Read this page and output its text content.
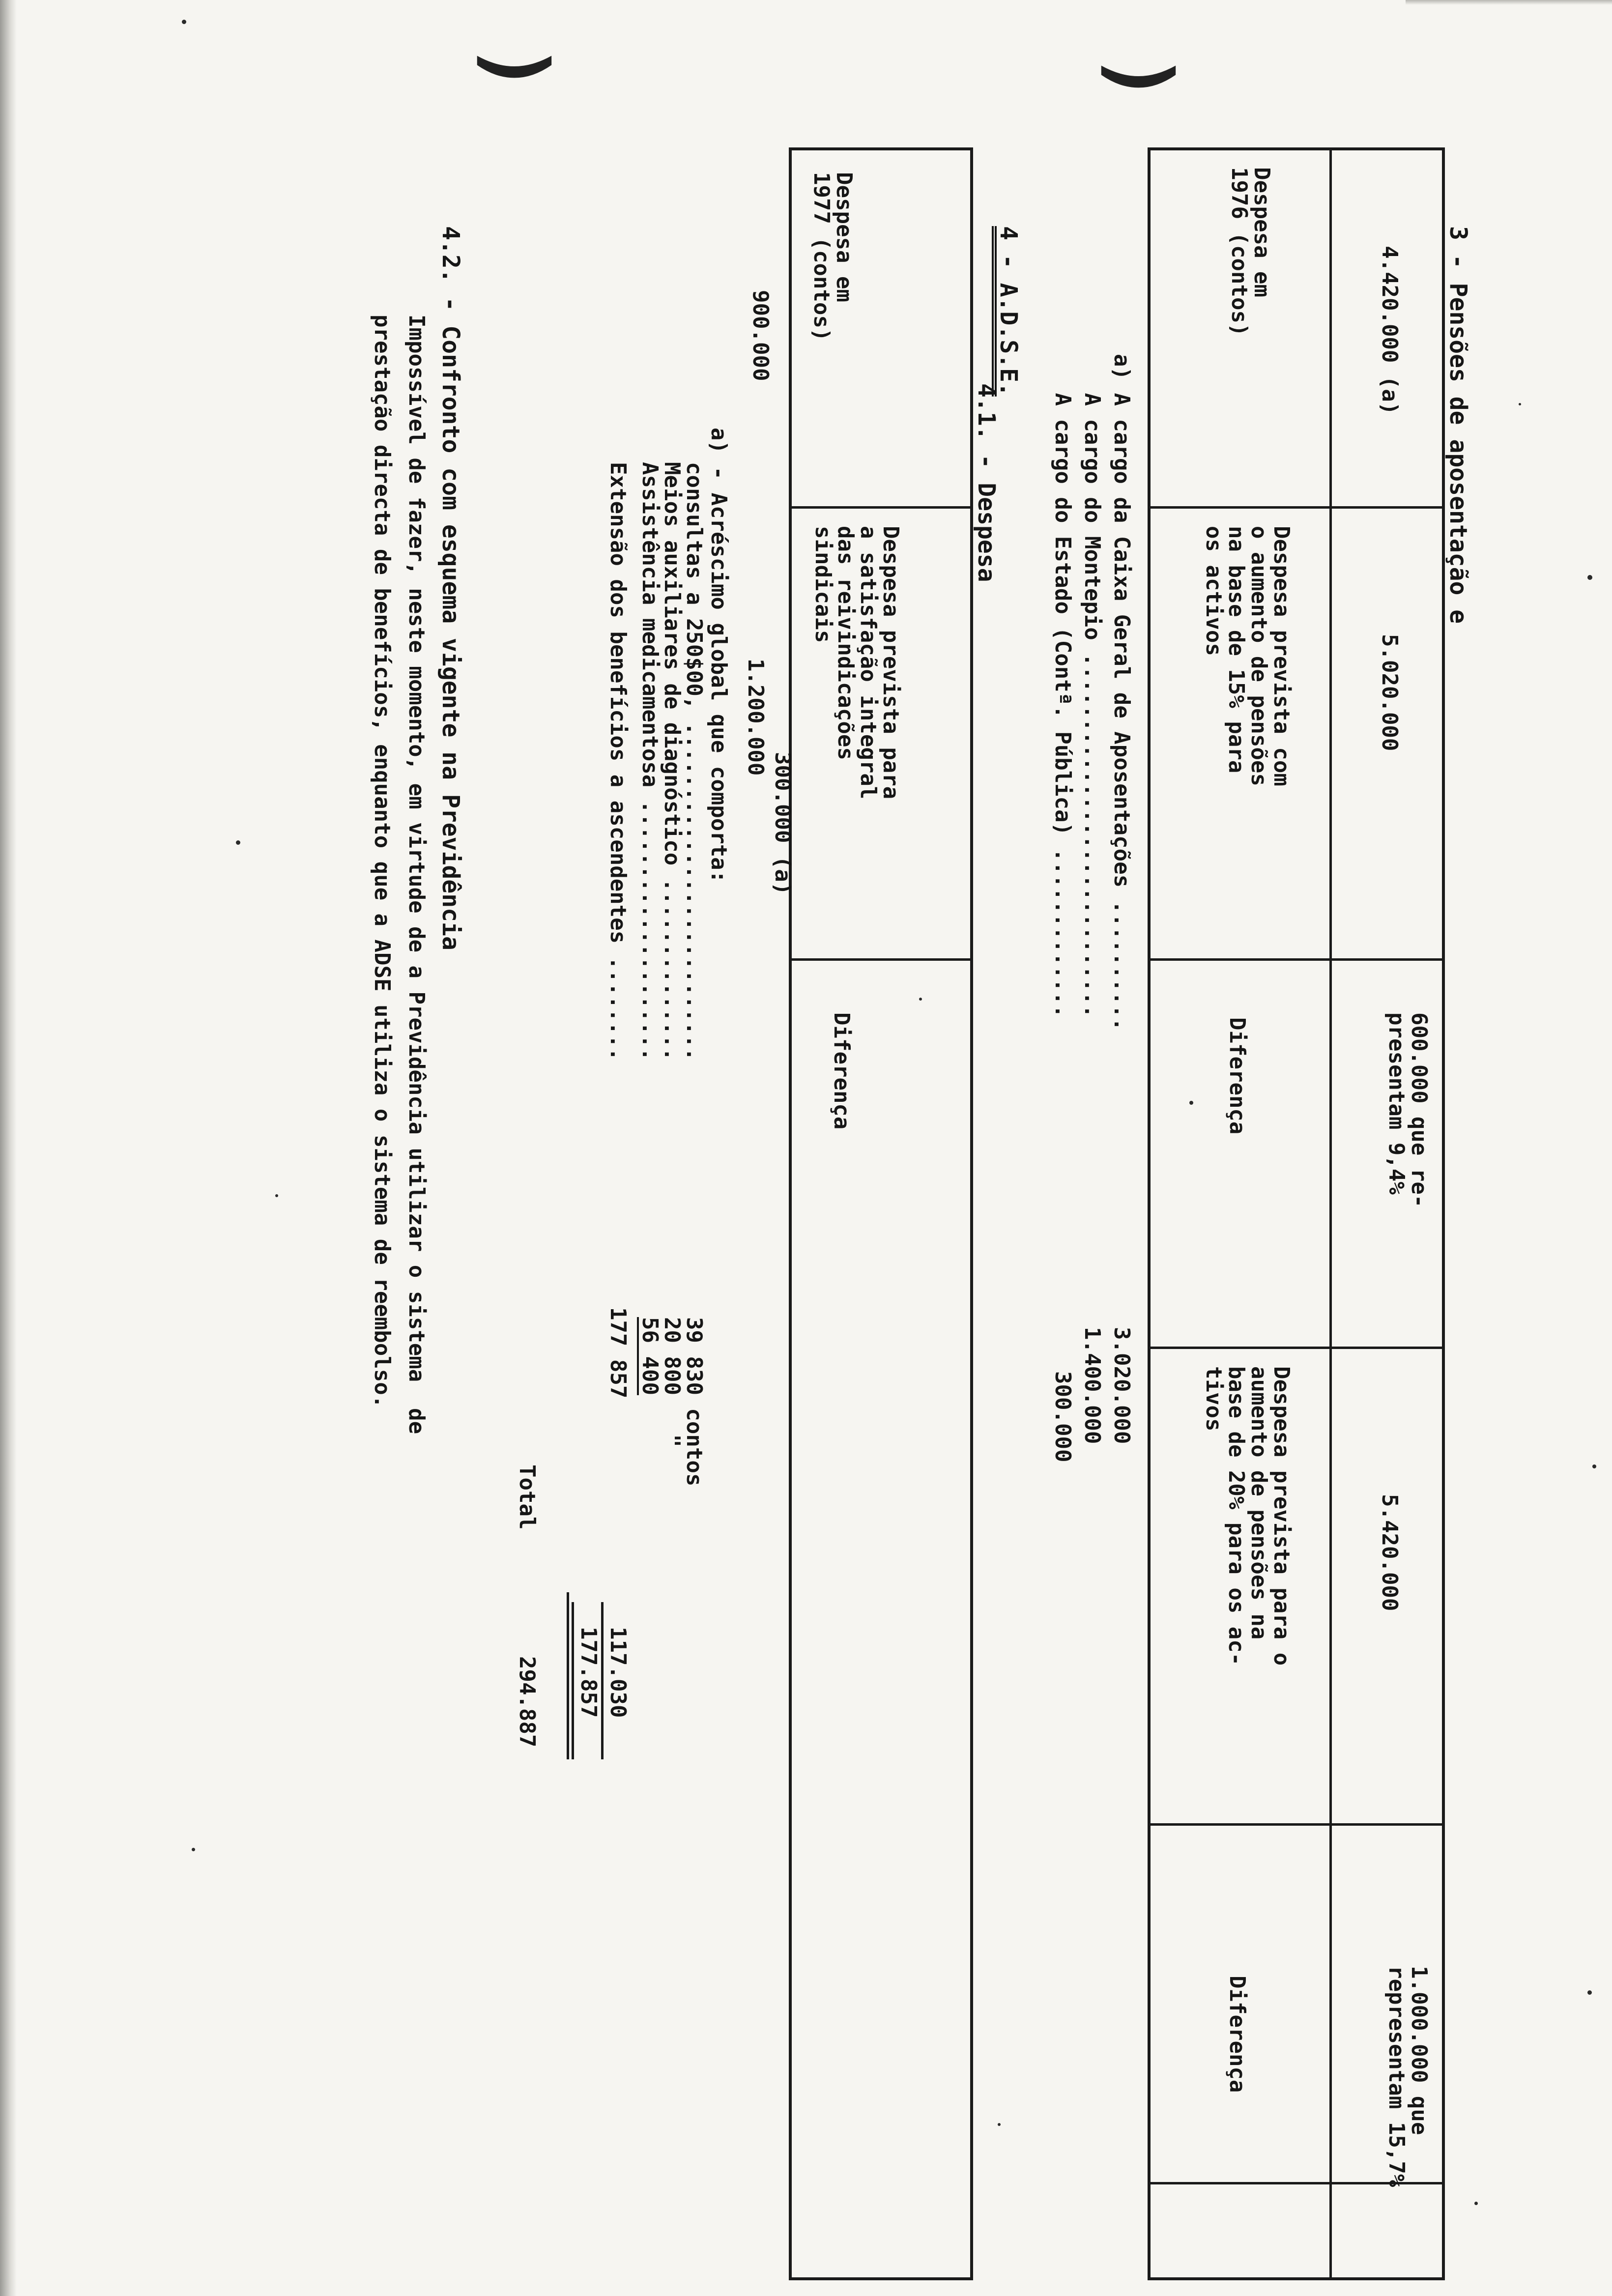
)	)
3 - Pensões de aposentação e
Despesa em
1976 (contos)
Despesa prevista com
o aumento de pensões
na base de 15% para
os activos
Diferença
Despesa prevista para o
aumento de pensões na
base de 20% para os ac-
tivos
Diferença
4.420.000 (a)
5.020.000
600.000 que re-
presentam 9,4%
5.420.000
1.000.000 que
representam 15,7%
a) A cargo da Caixa Geral de Aposentações ..........
3.020.000
A cargo do Montepio ............................
1.400.000
A cargo do Estado (Contª. Pública) .............
300.000
4 - A.D.S.E.
4.1. - Despesa
Despesa em
1977 (contos)
Despesa prevista para
a satisfação integral
das reivindicações
sindicais
Diferença
900.000
1.200.000
300.000 (a)
a) - Acréscimo global que comporta:
consultas a 250$00, ..........................
39 830 contos
Meios auxiliares de diagnóstico ..............
20 800   "
Assistência medicamentosa ....................
56 400
Extensão dos benefícios a ascendentes ........
177 857
117.030
177.857
Total
294.887
4.2. - Confronto com esquema vigente na Previdência
Impossível de fazer, neste momento, em virtude de a Previdência utilizar o sistema  de
prestação directa de benefícios, enquanto que a ADSE utiliza o sistema de reembolso.
